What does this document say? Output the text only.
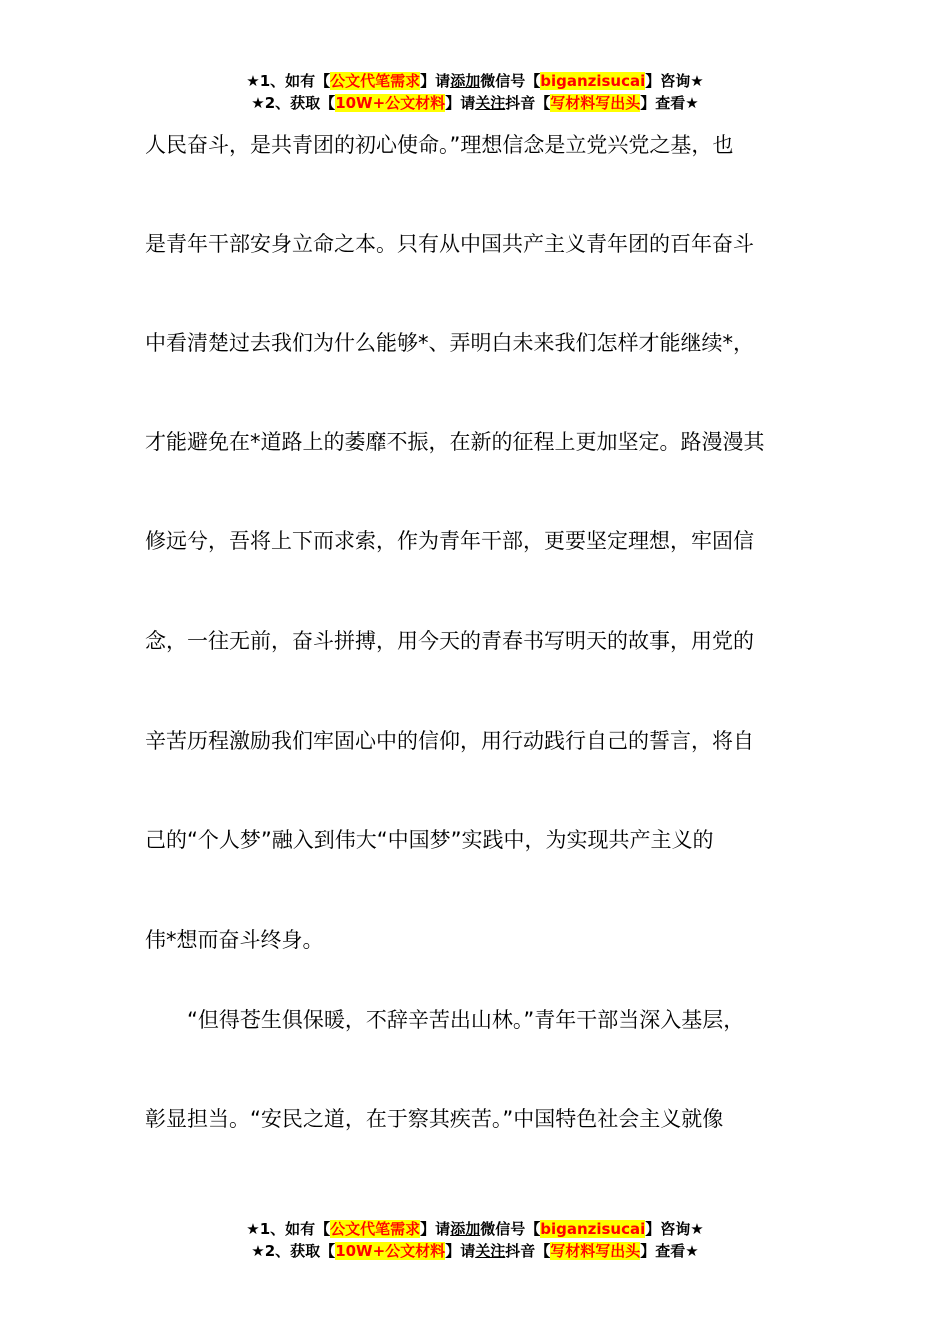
★1、如有【公文代笔需求】请添加微信号【biganzisucai】咨询★
★2、获取【10W+公文材料】请关注抖音【写材料写出头】查看★
人民奋斗，是共青团的初心使命。”理想信念是立党兴党之基，也
是青年干部安身立命之本。只有从中国共产主义青年团的百年奋斗
中看清楚过去我们为什么能够*、弄明白未来我们怎样才能继续*，
才能避免在*道路上的萎靡不振，在新的征程上更加坚定。路漫漫其
修远兮，吾将上下而求索，作为青年干部，更要坚定理想，牢固信
念，一往无前，奋斗拼搏，用今天的青春书写明天的故事，用党的
辛苦历程激励我们牢固心中的信仰，用行动践行自己的誓言，将自
己的“个人梦”融入到伟大“中国梦”实践中，为实现共产主义的
伟*想而奋斗终身。
　　“但得苍生俱保暖，不辞辛苦出山林。”青年干部当深入基层，
彰显担当。“安民之道，在于察其疾苦。”中国特色社会主义就像
★1、如有【公文代笔需求】请添加微信号【biganzisucai】咨询★
★2、获取【10W+公文材料】请关注抖音【写材料写出头】查看★
